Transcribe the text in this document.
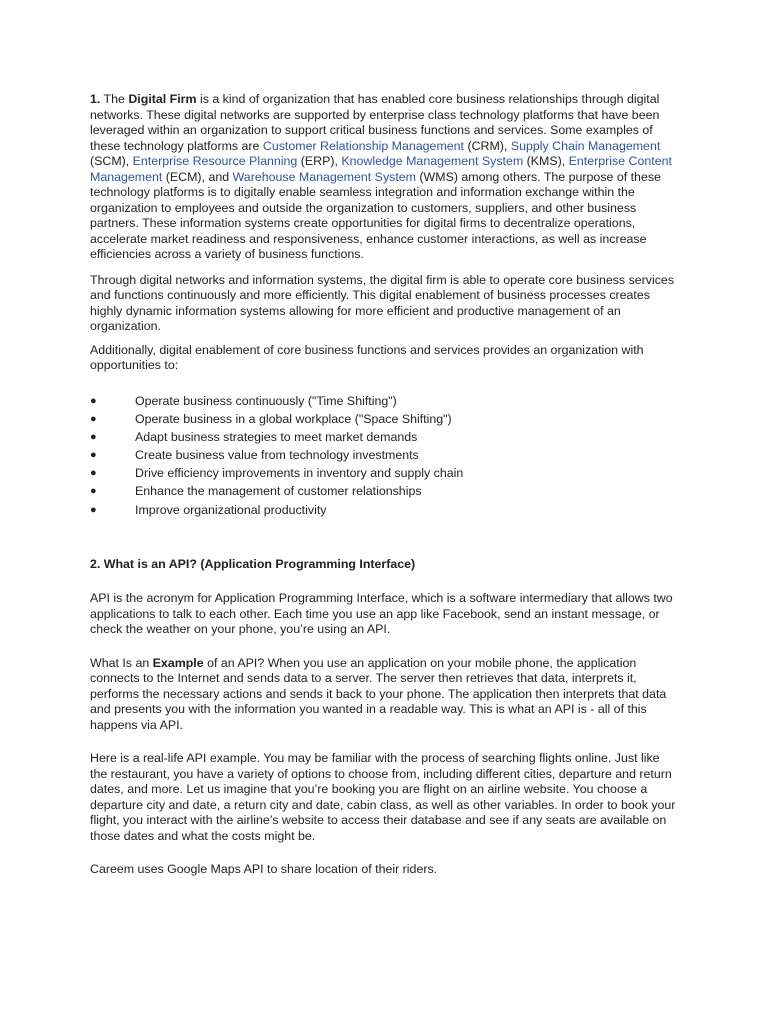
1. The Digital Firm is a kind of organization that has enabled core business relationships through digital networks. These digital networks are supported by enterprise class technology platforms that have been leveraged within an organization to support critical business functions and services. Some examples of these technology platforms are Customer Relationship Management (CRM), Supply Chain Management (SCM), Enterprise Resource Planning (ERP), Knowledge Management System (KMS), Enterprise Content Management (ECM), and Warehouse Management System (WMS) among others. The purpose of these technology platforms is to digitally enable seamless integration and information exchange within the organization to employees and outside the organization to customers, suppliers, and other business partners. These information systems create opportunities for digital firms to decentralize operations, accelerate market readiness and responsiveness, enhance customer interactions, as well as increase efficiencies across a variety of business functions.

Through digital networks and information systems, the digital firm is able to operate core business services and functions continuously and more efficiently. This digital enablement of business processes creates highly dynamic information systems allowing for more efficient and productive management of an organization.

Additionally, digital enablement of core business functions and services provides an organization with opportunities to:

●	Operate business continuously ("Time Shifting")
●	Operate business in a global workplace ("Space Shifting")
●	Adapt business strategies to meet market demands
●	Create business value from technology investments
●	Drive efficiency improvements in inventory and supply chain
●	Enhance the management of customer relationships
●	Improve organizational productivity
2. What is an API? (Application Programming Interface)

API is the acronym for Application Programming Interface, which is a software intermediary that allows two applications to talk to each other. Each time you use an app like Facebook, send an instant message, or check the weather on your phone, you’re using an API.

What Is an Example of an API? When you use an application on your mobile phone, the application connects to the Internet and sends data to a server. The server then retrieves that data, interprets it, performs the necessary actions and sends it back to your phone. The application then interprets that data and presents you with the information you wanted in a readable way. This is what an API is - all of this happens via API.

Here is a real-life API example. You may be familiar with the process of searching flights online. Just like the restaurant, you have a variety of options to choose from, including different cities, departure and return dates, and more. Let us imagine that you’re booking you are flight on an airline website. You choose a departure city and date, a return city and date, cabin class, as well as other variables. In order to book your flight, you interact with the airline’s website to access their database and see if any seats are available on those dates and what the costs might be.

Careem uses Google Maps API to share location of their riders.
